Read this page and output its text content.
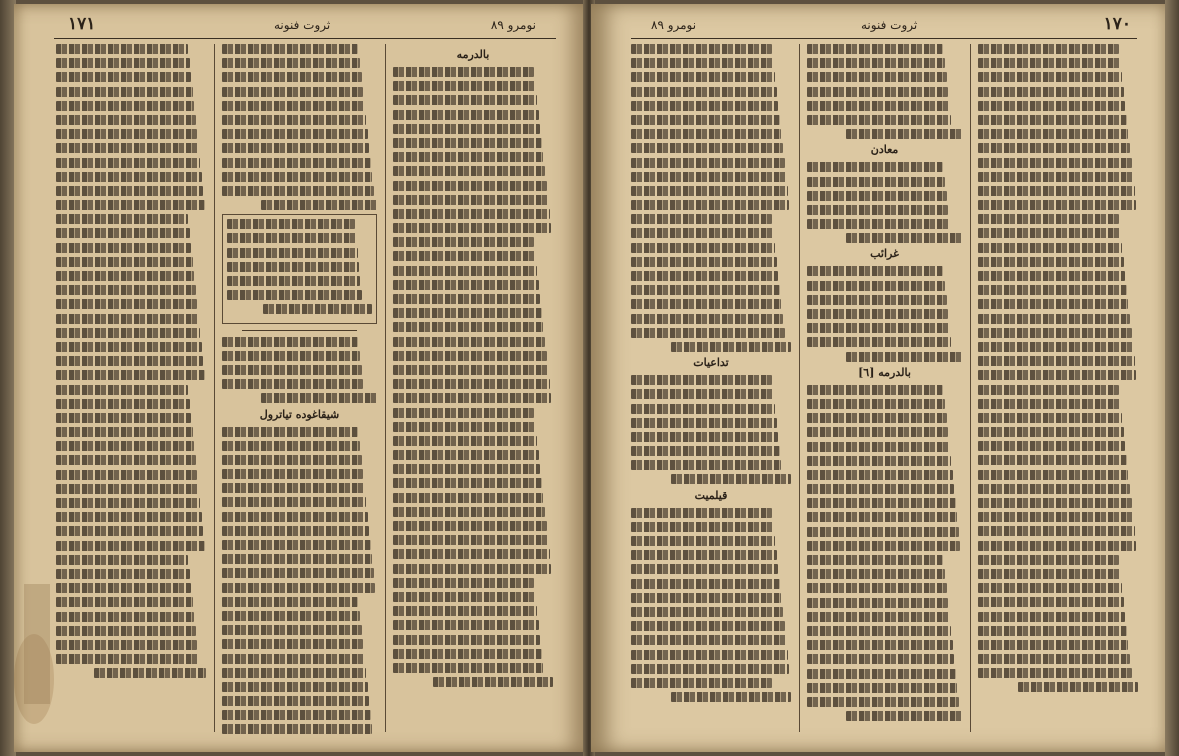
١٧١	ثروت فنونه	نومرو ٨٩
شیقاغوده تیاترول
بالدرمه
نومرو ٨٩	ثروت فنونه	١٧٠
تداعیات
قیلمیت
معادن
غرائب
بالدرمه [٦]
